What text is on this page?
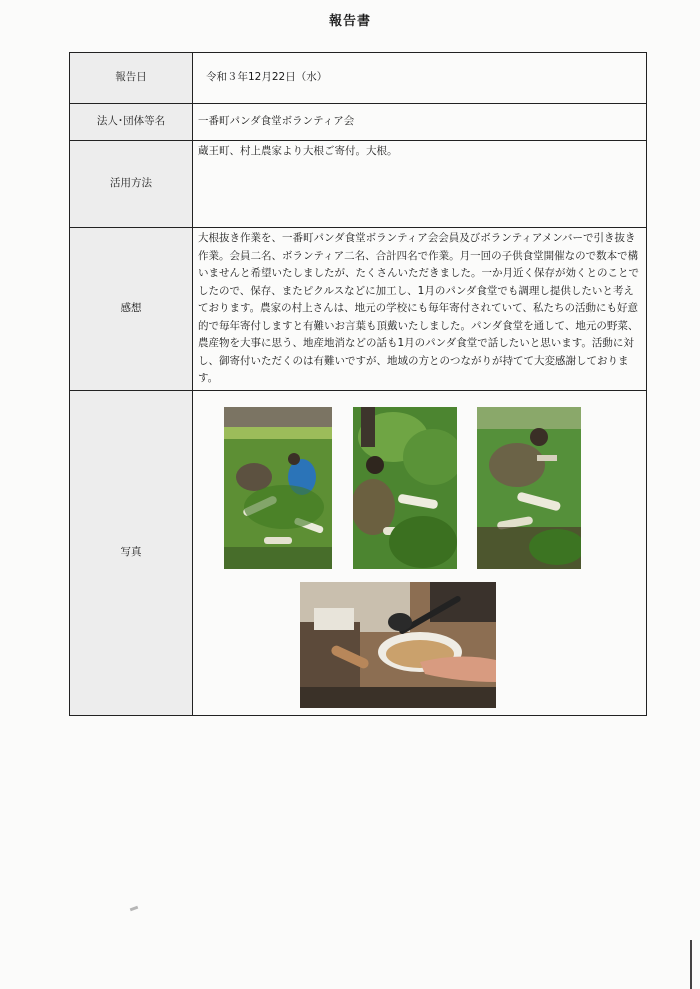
報告書
報告日	令和３年12月22日（水）
法人･団体等名	一番町パンダ食堂ボランティア会
活用方法	蔵王町、村上農家より大根ご寄付。大根。
感想	大根抜き作業を、一番町パンダ食堂ボランティア会会員及びボランティアメンバーで引き抜き作業。会員二名、ボランティア二名、合計四名で作業。月一回の子供食堂開催なので数本で構いませんと希望いたしましたが、たくさんいただきました。一か月近く保存が効くとのことでしたので、保存、またピクルスなどに加工し、1月のパンダ食堂でも調理し提供したいと考えております。農家の村上さんは、地元の学校にも毎年寄付されていて、私たちの活動にも好意的で毎年寄付しますと有難いお言葉も頂戴いたしました。パンダ食堂を通して、地元の野菜、農産物を大事に思う、地産地消などの話も1月のパンダ食堂で話したいと思います。活動に対し、御寄付いただくのは有難いですが、地域の方とのつながりが持てて大変感謝しております。
写真	
